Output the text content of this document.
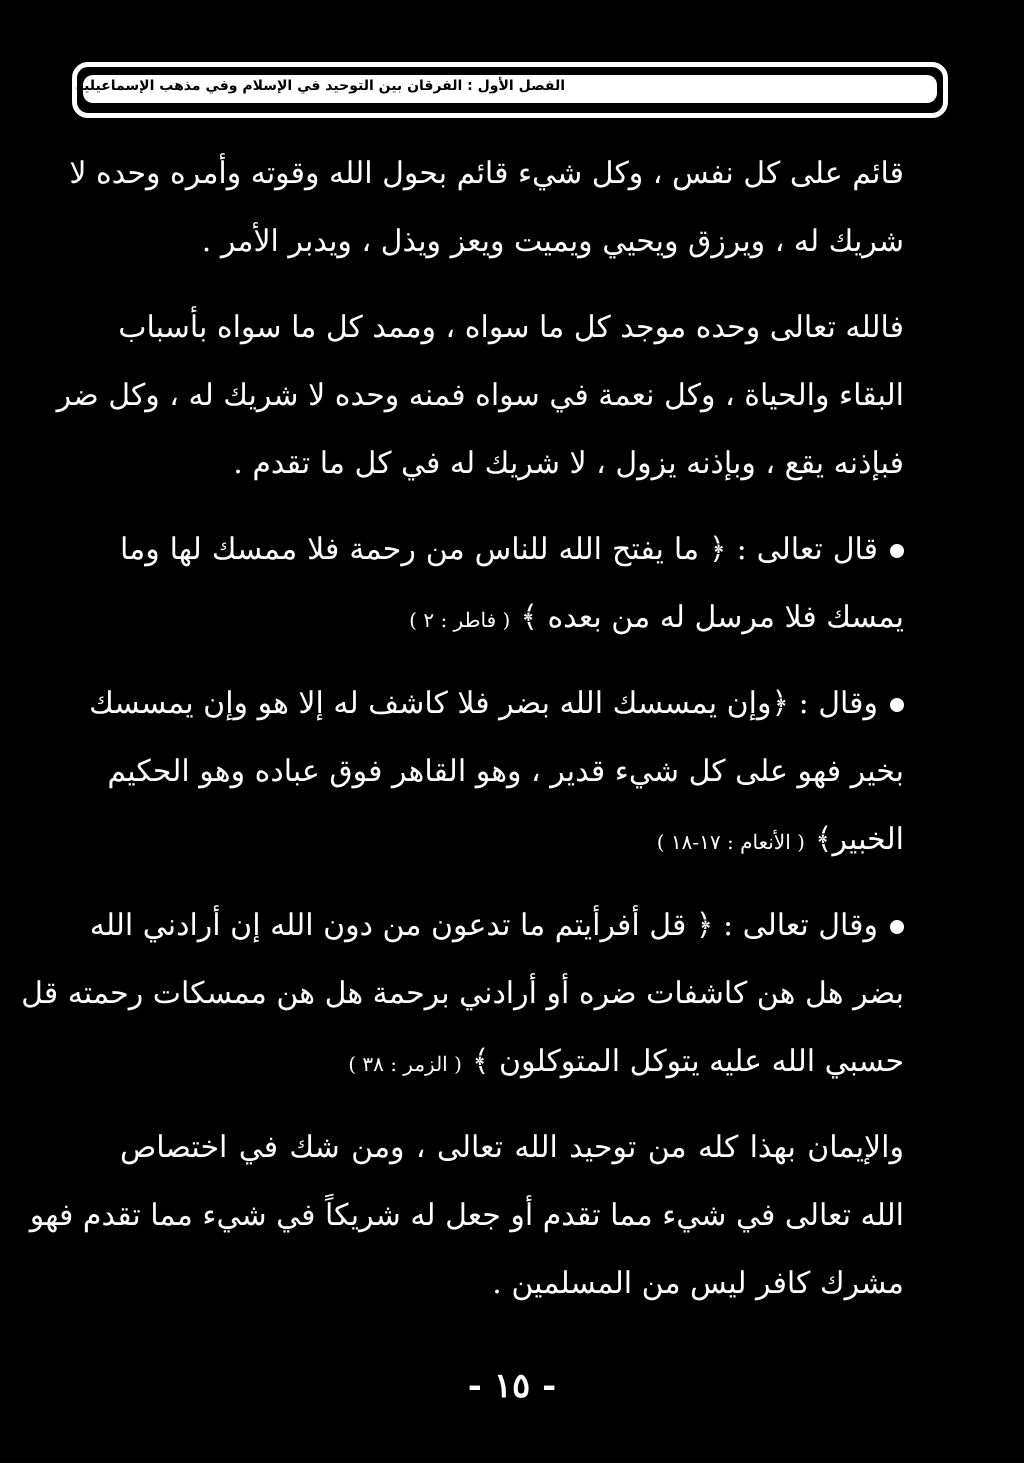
الفصل الأول : الفرقان بين التوحيد في الإسلام وفي مذهب الإسماعيلية
قائم على كل نفس ، وكل شيء قائم بحول الله وقوته وأمره وحده لا
شريك له ، ويرزق ويحيي ويميت ويعز ويذل ، ويدبر الأمر .
فالله تعالى وحده موجد كل ما سواه ، وممد كل ما سواه بأسباب
البقاء والحياة ، وكل نعمة في سواه فمنه وحده لا شريك له ، وكل ضر
فبإذنه يقع ، وبإذنه يزول ، لا شريك له في كل ما تقدم .
قال تعالى : ﴿ ما يفتح الله للناس من رحمة فلا ممسك لها وما
يمسك فلا مرسل له من بعده ﴾( فاطر : ٢ )
وقال : ﴿وإن يمسسك الله بضر فلا كاشف له إلا هو وإن يمسسك
بخير فهو على كل شيء قدير ، وهو القاهر فوق عباده وهو الحكيم
الخبير﴾( الأنعام : ١٧-١٨ )
وقال تعالى : ﴿ قل أفرأيتم ما تدعون من دون الله إن أرادني الله
بضر هل هن كاشفات ضره أو أرادني برحمة هل هن ممسكات رحمته قل
حسبي الله عليه يتوكل المتوكلون ﴾( الزمر : ٣٨ )
والإيمان بهذا كله من توحيد الله تعالى ، ومن شك في اختصاص
الله تعالى في شيء مما تقدم أو جعل له شريكاً في شيء مما تقدم فهو
مشرك كافر ليس من المسلمين .
- ١٥ -
